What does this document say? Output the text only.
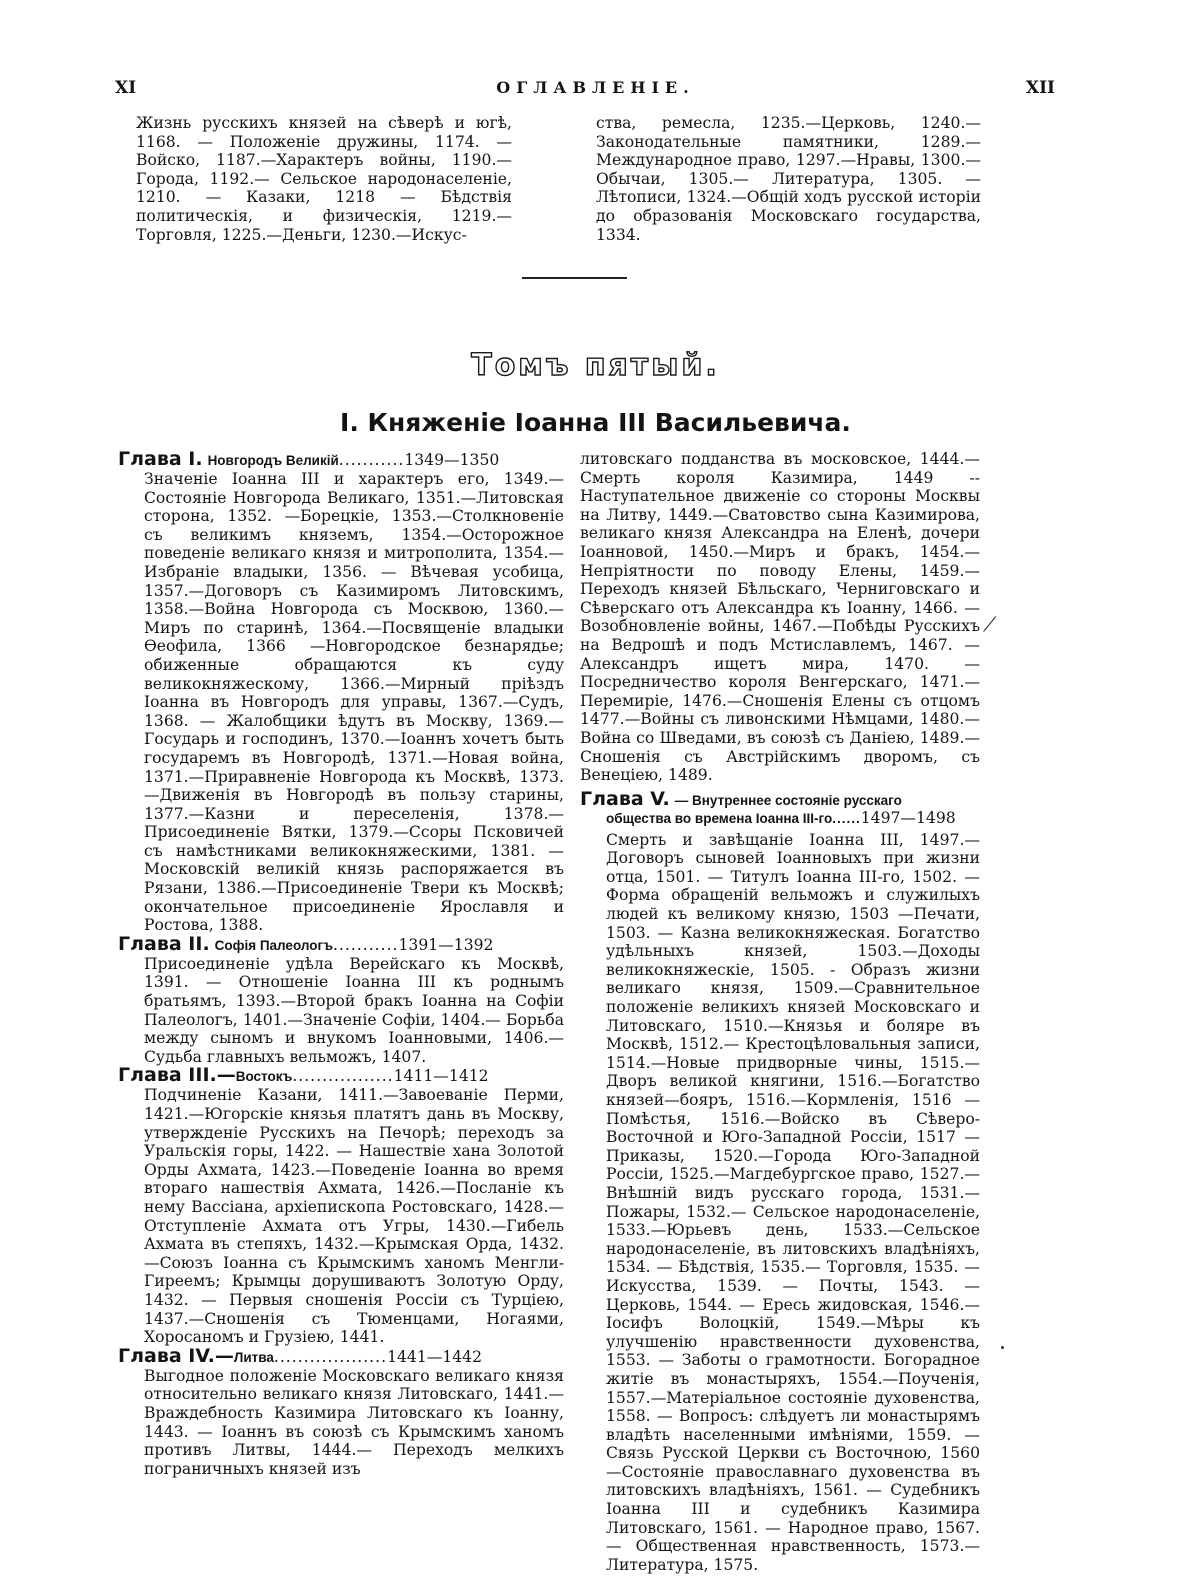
XI	ОГЛАВЛЕНІЕ.	XII
Жизнь русскихъ князей на сѣверѣ и югѣ, 1168. — Положеніе дружины, 1174. — Войско, 1187.—Характеръ войны, 1190.—Города, 1192.— Сельское народонаселеніе, 1210. — Казаки, 1218 — Бѣдствія политическія, и физическія, 1219.—Торговля, 1225.—Деньги, 1230.—Искус-
ства, ремесла, 1235.—Церковь, 1240.—Законодательные памятники, 1289.—Международное право, 1297.—Нравы, 1300.—Обычаи, 1305.— Литература, 1305. — Лѣтописи, 1324.—Общій ходъ русской исторіи до образованія Московскаго государства, 1334.
Томъ пятый.
I. Княженіе Іоанна III Васильевича.
Глава I. Новгородъ Великій...........1349—1350
Значеніе Іоанна III и характеръ его, 1349.— Состояніе Новгорода Великаго, 1351.—Литовская сторона, 1352. —Борецкіе, 1353.—Столкновеніе съ великимъ княземъ, 1354.—Осторожное поведеніе великаго князя и митрополита, 1354.— Избраніе владыки, 1356. — Вѣчевая усобица, 1357.—Договоръ съ Казимиромъ Литовскимъ, 1358.—Война Новгорода съ Москвою, 1360.— Миръ по старинѣ, 1364.—Посвященіе владыки Ѳеофила, 1366 —Новгородское безнарядье; обиженные обращаются къ суду великокняжескому, 1366.—Мирный пріѣздъ Іоанна въ Новгородъ для управы, 1367.—Судъ, 1368. — Жалобщики ѣдутъ въ Москву, 1369.—Государь и господинъ, 1370.—Іоаннъ хочетъ быть государемъ въ Новгородѣ, 1371.—Новая война, 1371.—Приравненіе Новгорода къ Москвѣ, 1373.—Движенія въ Новгородѣ въ пользу старины, 1377.—Казни и переселенія, 1378.—Присоединеніе Вятки, 1379.—Ссоры Псковичей съ намѣстниками великокняжескими, 1381. — Московскій великій князь распоряжается въ Рязани, 1386.—Присоединеніе Твери къ Москвѣ; окончательное присоединеніе Ярославля и Ростова, 1388.
Глава II. Софія Палеологъ...........1391—1392
Присоединеніе удѣла Верейскаго къ Москвѣ, 1391. — Отношеніе Іоанна III къ роднымъ братьямъ, 1393.—Второй бракъ Іоанна на Софіи Палеологъ, 1401.—Значеніе Софіи, 1404.— Борьба между сыномъ и внукомъ Іоанновыми, 1406.—Судьба главныхъ вельможъ, 1407.
Глава III.—Востокъ.................1411—1412
Подчиненіе Казани, 1411.—Завоеваніе Перми, 1421.—Югорскіе князья платятъ дань въ Москву, утвержденіе Русскихъ на Печорѣ; переходъ за Уральскія горы, 1422. — Нашествіе хана Золотой Орды Ахмата, 1423.—Поведеніе Іоанна во время втораго нашествія Ахмата, 1426.—Посланіе къ нему Вассіана, архіепископа Ростовскаго, 1428.—Отступленіе Ахмата отъ Угры, 1430.—Гибель Ахмата въ степяхъ, 1432.—Крымская Орда, 1432.—Союзъ Іоанна съ Крымскимъ ханомъ Менгли-Гиреемъ; Крымцы дорушиваютъ Золотую Орду, 1432. — Первыя сношенія Россіи съ Турціею, 1437.—Сношенія съ Тюменцами, Ногаями, Хоросаномъ и Грузіею, 1441.
Глава IV.—Литва...................1441—1442
Выгодное положеніе Московскаго великаго князя относительно великаго князя Литовскаго, 1441.—Враждебность Казимира Литовскаго къ Іоанну, 1443. — Іоаннъ въ союзѣ съ Крымскимъ ханомъ противъ Литвы, 1444.— Переходъ мелкихъ пограничныхъ князей изъ
литовскаго подданства въ московское, 1444.— Смерть короля Казимира, 1449 --Наступательное движеніе со стороны Москвы на Литву, 1449.—Сватовство сына Казимирова, великаго князя Александра на Еленѣ, дочери Іоанновой, 1450.—Миръ и бракъ, 1454.—Непріятности по поводу Елены, 1459.—Переходъ князей Бѣльскаго, Черниговскаго и Сѣверскаго отъ Александра къ Іоанну, 1466. — Возобновленіе войны, 1467.—Побѣды Русскихъ на Ведрошѣ и подъ Мстиславлемъ, 1467. — Александръ ищетъ мира, 1470. — Посредничество короля Венгерскаго, 1471.—Перемиріе, 1476.—Сношенія Елены съ отцомъ 1477.—Войны съ ливонскими Нѣмцами, 1480.—Война со Шведами, въ союзѣ съ Даніею, 1489.—Сношенія съ Австрійскимъ дворомъ, съ Венеціею, 1489.
Глава V. — Внутреннее состояніе русскаго
общества во времена Іоанна III-го......1497—1498
Смерть и завѣщаніе Іоанна III, 1497.—Договоръ сыновей Іоанновыхъ при жизни отца, 1501. — Титулъ Іоанна III-го, 1502. — Форма обращеній вельможъ и служилыхъ людей къ великому князю, 1503 —Печати, 1503. — Казна великокняжеская. Богатство удѣльныхъ князей, 1503.—Доходы великокняжескіе, 1505. - Образъ жизни великаго князя, 1509.—Сравнительное положеніе великихъ князей Московскаго и Литовскаго, 1510.—Князья и боляре въ Москвѣ, 1512.— Крестоцѣловальныя записи, 1514.—Новые придворные чины, 1515.—Дворъ великой княгини, 1516.—Богатство князей—бояръ, 1516.—Кормленія, 1516 —Помѣстья, 1516.—Войско въ Сѣверо-Восточной и Юго-Западной Россіи, 1517 — Приказы, 1520.—Города Юго-Западной Россіи, 1525.—Магдебургское право, 1527.—Внѣшній видъ русскаго города, 1531.—Пожары, 1532.— Сельское народонаселеніе, 1533.—Юрьевъ день, 1533.—Сельское народонаселеніе, въ литовскихъ владѣніяхъ, 1534. — Бѣдствія, 1535.— Торговля, 1535. — Искусства, 1539. — Почты, 1543. — Церковь, 1544. — Ересь жидовская, 1546.—Іосифъ Волоцкій, 1549.—Мѣры къ улучшенію нравственности духовенства, 1553. — Заботы о грамотности. Богорадное житіе въ монастыряхъ, 1554.—Поученія, 1557.—Матеріальное состояніе духовенства, 1558. — Вопросъ: слѣдуетъ ли монастырямъ владѣть населенными имѣніями, 1559. — Связь Русской Церкви съ Восточною, 1560 —Состояніе православнаго духовенства въ литовскихъ владѣніяхъ, 1561. — Судебникъ Іоанна III и судебникъ Казимира Литовскаго, 1561. — Народное право, 1567. — Общественная нравственность, 1573.—Литература, 1575.
⁄
